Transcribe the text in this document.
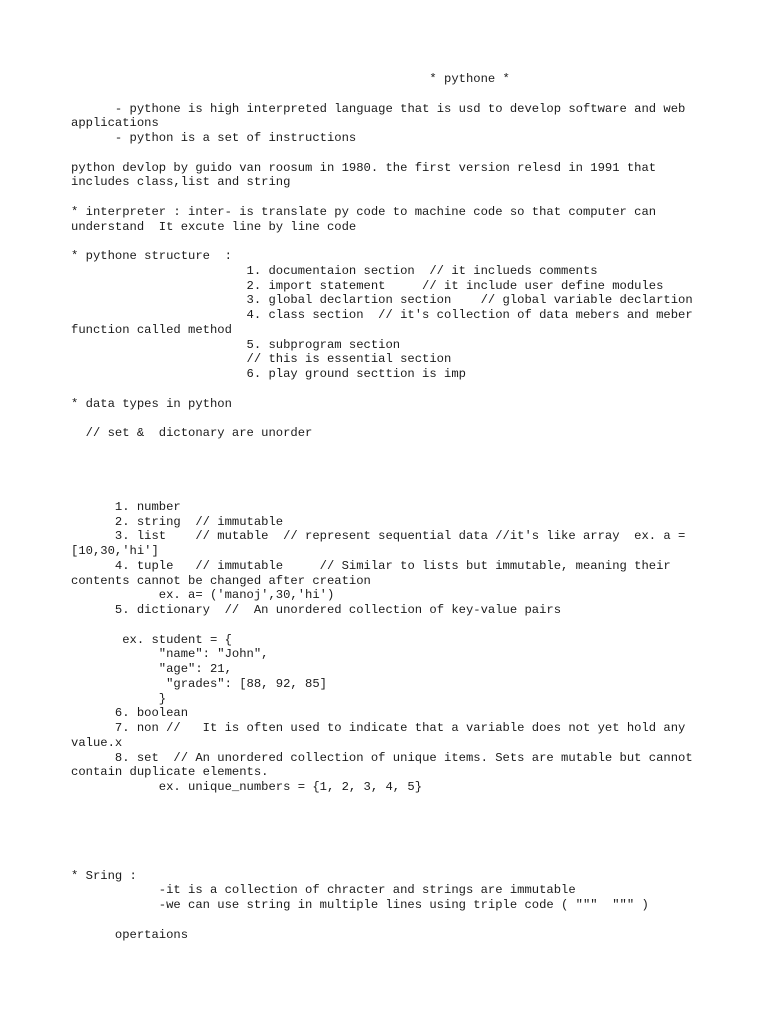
* pythone *

- pythone is high interpreted language that is usd to develop software and web applications

- python is a set of instructions

python devlop by guido van roosum in 1980. the first version relesd in 1991 that includes class,list and string

* interpreter : inter- is translate py code to machine code so that computer can understand  It excute line by line code

* pythone structure  :

1. documentaion section  // it inclueds comments

2. import statement     // it include user define modules

3. global declartion section    // global variable declartion

4. class section  // it's collection of data mebers and meber function called method

5. subprogram section

// this is essential section

6. play ground secttion is imp

* data types in python

// set &  dictonary are unorder

1. number

2. string  // immutable

3. list    // mutable  // represent sequential data //it's like array  ex. a = [10,30,'hi']

4. tuple   // immutable     // Similar to lists but immutable, meaning their contents cannot be changed after creation

ex. a= ('manoj',30,'hi')

5. dictionary  //  An unordered collection of key-value pairs

ex. student = {

"name": "John",

"age": 21,

"grades": [88, 92, 85]

}

6. boolean

7. non //   It is often used to indicate that a variable does not yet hold any value.x

8. set  // An unordered collection of unique items. Sets are mutable but cannot contain duplicate elements.

ex. unique_numbers = {1, 2, 3, 4, 5}

* Sring :

-it is a collection of chracter and strings are immutable

-we can use string in multiple lines using triple code ( """  """ )

opertaions
